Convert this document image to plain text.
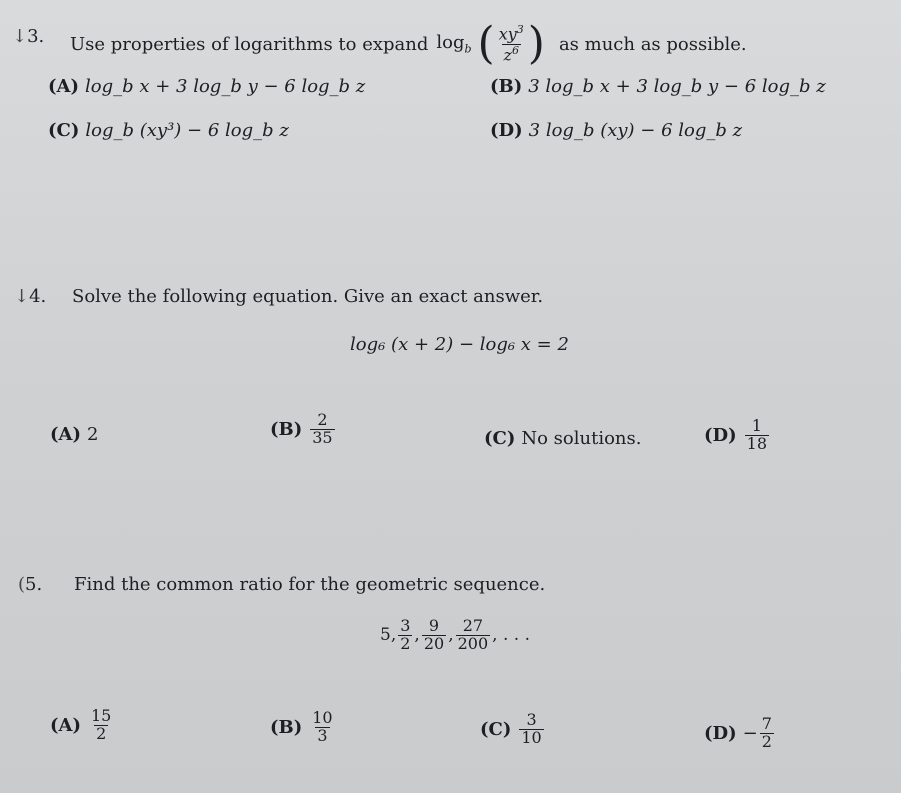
↓3. Use properties of logarithms to expand $\log_b$ ( $\frac{xy^3}{z^6}$ ) as much as possible.
(A) log_b x + 3 log_b y − 6 log_b z	(B) 3 log_b x + 3 log_b y − 6 log_b z
(C) log_b (xy³) − 6 log_b z	(D) 3 log_b (xy) − 6 log_b z
↓4. Solve the following equation. Give an exact answer.
log₆ (x + 2) − log₆ x = 2
(A) 2	$(B) \frac{2}{35}$	(C) No solutions.	$(D) \frac{1}{18}$
(5. Find the common ratio for the geometric sequence.
5, $\frac{3}{2}$ , $\frac{9}{20}$ , $\frac{27}{200}$ , . . .
$(A) \frac{15}{2}$	$(B) \frac{10}{3}$	$(C) \frac{3}{10}$	$(D) - \frac{7}{2}$
